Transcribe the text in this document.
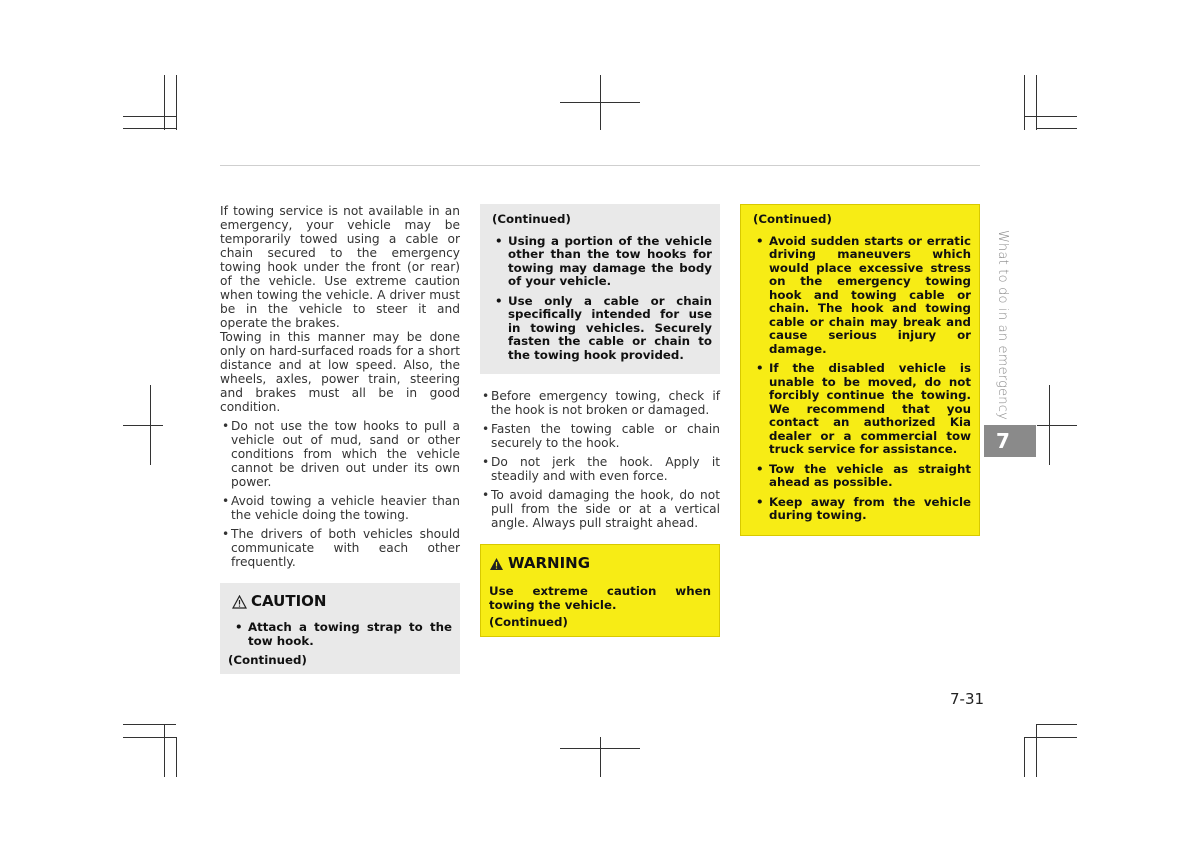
If towing service is not available in an emergency, your vehicle may be temporarily towed using a cable or chain secured to the emergency towing hook under the front (or rear) of the vehicle. Use extreme caution when towing the vehicle. A driver must be in the vehicle to steer it and operate the brakes.

Towing in this manner may be done only on hard-surfaced roads for a short distance and at low speed. Also, the wheels, axles, power train, steering and brakes must all be in good condition.

• Do not use the tow hooks to pull a vehicle out of mud, sand or other conditions from which the vehicle cannot be driven out under its own power.
• Avoid towing a vehicle heavier than the vehicle doing the towing.
• The drivers of both vehicles should communicate with each other frequently.
CAUTION
• Attach a towing strap to the tow hook.
(Continued)
(Continued)
• Using a portion of the vehicle other than the tow hooks for towing may damage the body of your vehicle.
• Use only a cable or chain specifically intended for use in towing vehicles. Securely fasten the cable or chain to the towing hook provided.
• Before emergency towing, check if the hook is not broken or damaged.
• Fasten the towing cable or chain securely to the hook.
• Do not jerk the hook. Apply it steadily and with even force.
• To avoid damaging the hook, do not pull from the side or at a vertical angle. Always pull straight ahead.
WARNING
Use extreme caution when towing the vehicle.
(Continued)
(Continued)
• Avoid sudden starts or erratic driving maneuvers which would place excessive stress on the emergency towing hook and towing cable or chain. The hook and towing cable or chain may break and cause serious injury or damage.
• If the disabled vehicle is unable to be moved, do not forcibly continue the towing. We recommend that you contact an authorized Kia dealer or a commercial tow truck service for assistance.
• Tow the vehicle as straight ahead as possible.
• Keep away from the vehicle during towing.
What to do in an emergency
7
7-31
